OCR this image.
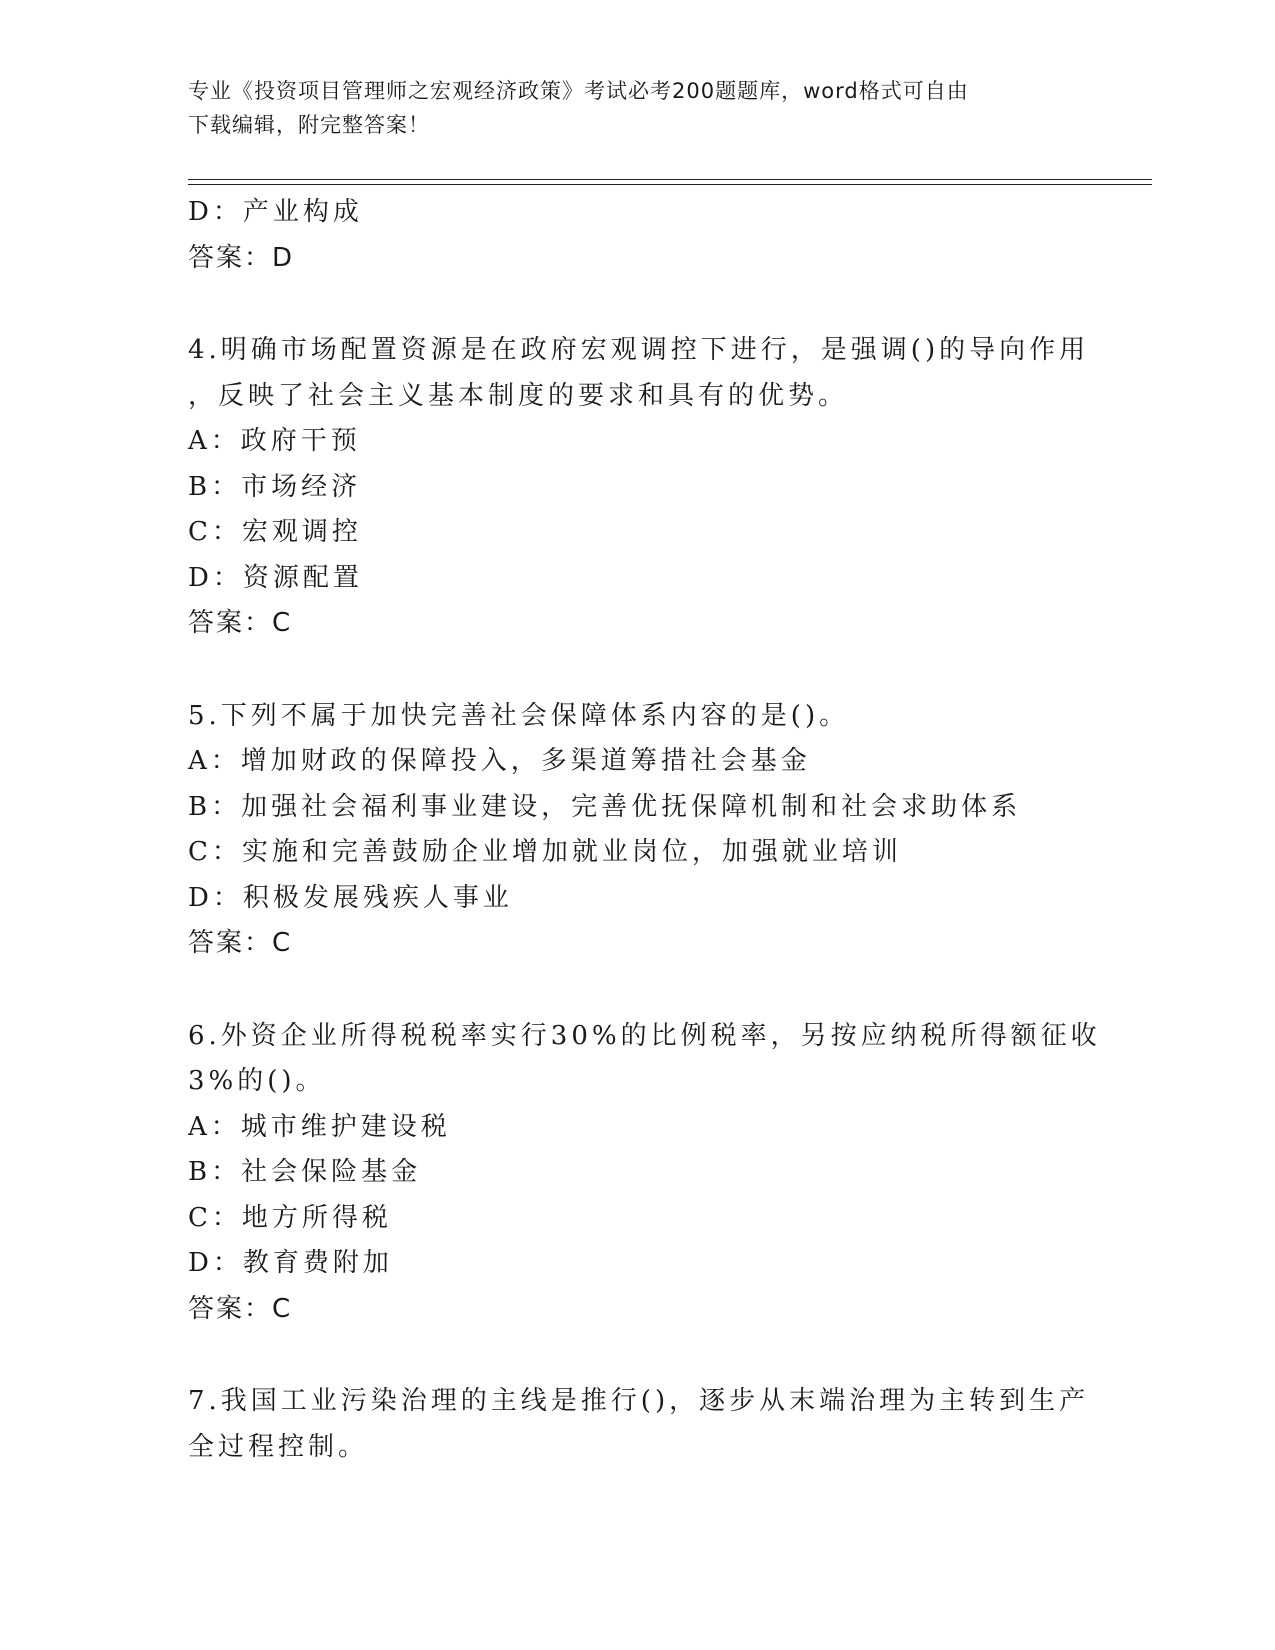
专业《投资项目管理师之宏观经济政策》考试必考200题题库，word格式可自由
下载编辑，附完整答案！
D：产业构成
答案：D
4.明确市场配置资源是在政府宏观调控下进行，是强调()的导向作用
，反映了社会主义基本制度的要求和具有的优势。
A：政府干预
B：市场经济
C：宏观调控
D：资源配置
答案：C
5.下列不属于加快完善社会保障体系内容的是()。
A：增加财政的保障投入，多渠道筹措社会基金
B：加强社会福利事业建设，完善优抚保障机制和社会求助体系
C：实施和完善鼓励企业增加就业岗位，加强就业培训
D：积极发展残疾人事业
答案：C
6.外资企业所得税税率实行30%的比例税率，另按应纳税所得额征收
3%的()。
A：城市维护建设税
B：社会保险基金
C：地方所得税
D：教育费附加
答案：C
7.我国工业污染治理的主线是推行()，逐步从末端治理为主转到生产
全过程控制。
